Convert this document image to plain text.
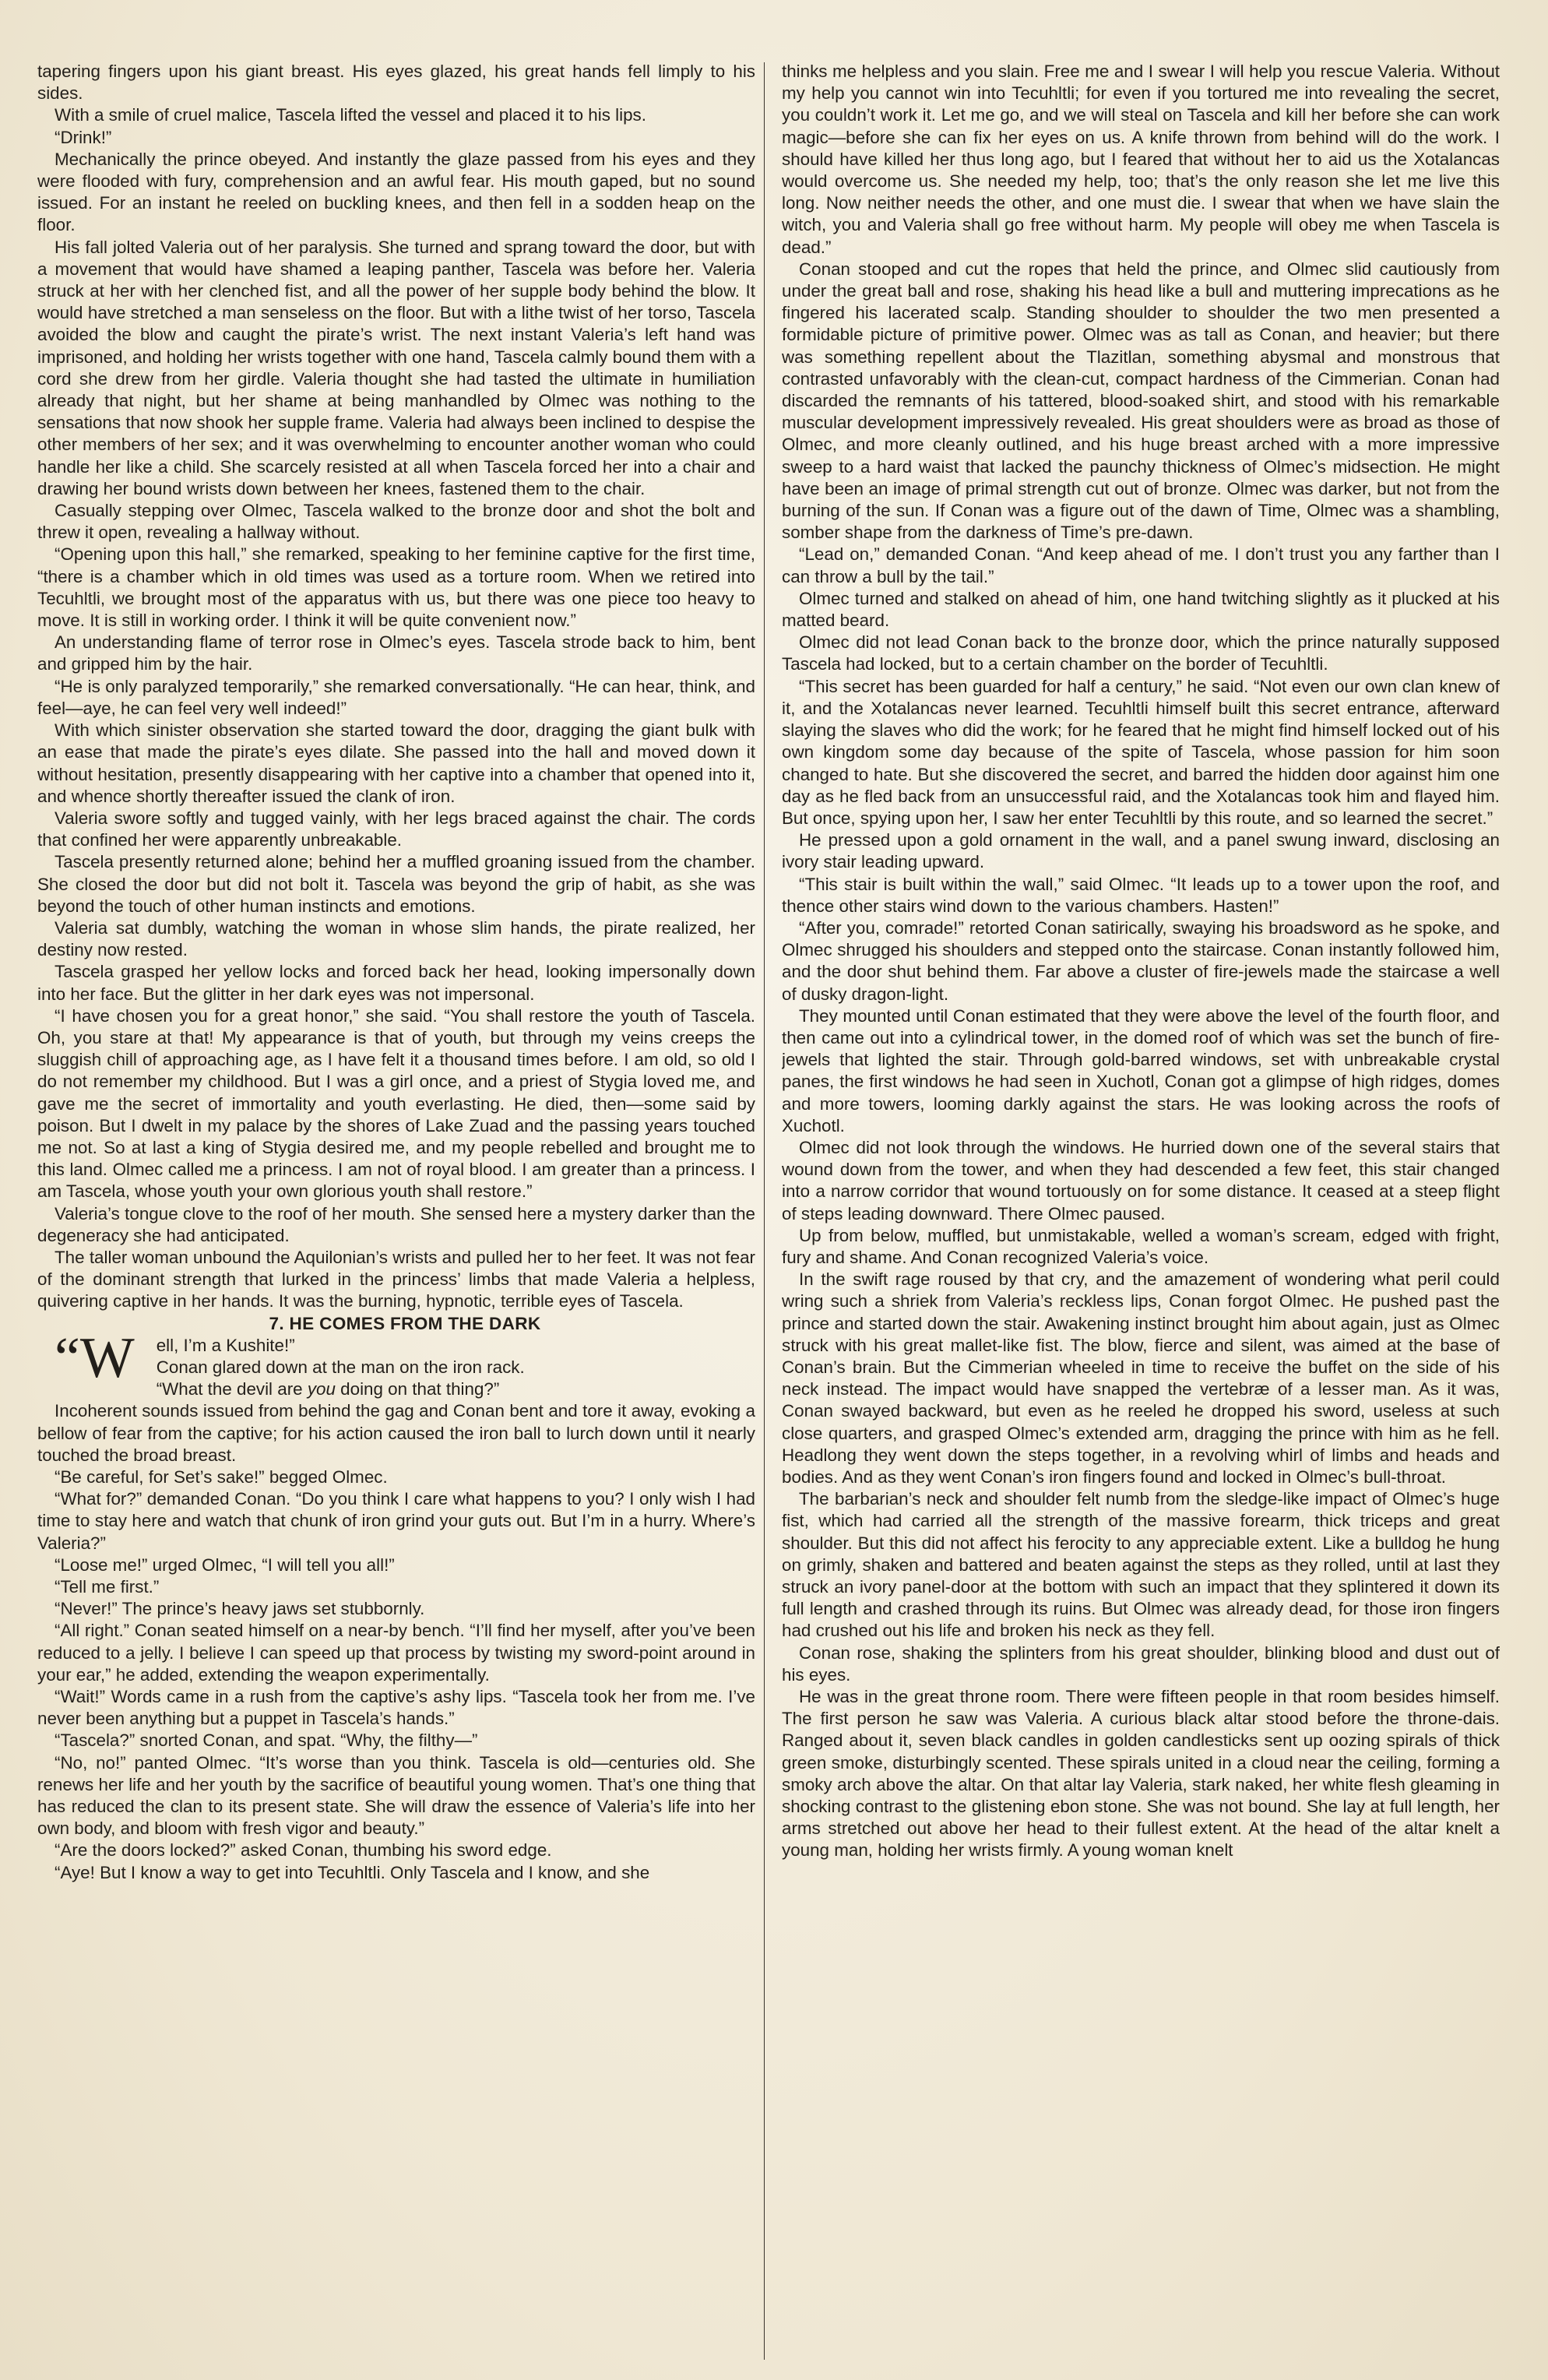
tapering fingers upon his giant breast. His eyes glazed, his great hands fell limply to his sides.

With a smile of cruel malice, Tascela lifted the vessel and placed it to his lips.

“Drink!”

Mechanically the prince obeyed. And instantly the glaze passed from his eyes and they were flooded with fury, comprehension and an awful fear. His mouth gaped, but no sound issued. For an instant he reeled on buckling knees, and then fell in a sodden heap on the floor.

His fall jolted Valeria out of her paralysis. She turned and sprang toward the door, but with a movement that would have shamed a leaping panther, Tascela was before her. Valeria struck at her with her clenched fist, and all the power of her supple body behind the blow. It would have stretched a man senseless on the floor. But with a lithe twist of her torso, Tascela avoided the blow and caught the pirate’s wrist. The next instant Valeria’s left hand was imprisoned, and holding her wrists together with one hand, Tascela calmly bound them with a cord she drew from her girdle. Valeria thought she had tasted the ultimate in humiliation already that night, but her shame at being manhandled by Olmec was nothing to the sensations that now shook her supple frame. Valeria had always been inclined to despise the other members of her sex; and it was overwhelming to encounter another woman who could handle her like a child. She scarcely resisted at all when Tascela forced her into a chair and drawing her bound wrists down between her knees, fastened them to the chair.

Casually stepping over Olmec, Tascela walked to the bronze door and shot the bolt and threw it open, revealing a hallway without.

“Opening upon this hall,” she remarked, speaking to her feminine captive for the first time, “there is a chamber which in old times was used as a torture room. When we retired into Tecuhltli, we brought most of the apparatus with us, but there was one piece too heavy to move. It is still in working order. I think it will be quite convenient now.”

An understanding flame of terror rose in Olmec’s eyes. Tascela strode back to him, bent and gripped him by the hair.

“He is only paralyzed temporarily,” she remarked conversationally. “He can hear, think, and feel—aye, he can feel very well indeed!”

With which sinister observation she started toward the door, dragging the giant bulk with an ease that made the pirate’s eyes dilate. She passed into the hall and moved down it without hesitation, presently disappearing with her captive into a chamber that opened into it, and whence shortly thereafter issued the clank of iron.

Valeria swore softly and tugged vainly, with her legs braced against the chair. The cords that confined her were apparently unbreakable.

Tascela presently returned alone; behind her a muffled groaning issued from the chamber. She closed the door but did not bolt it. Tascela was beyond the grip of habit, as she was beyond the touch of other human instincts and emotions.

Valeria sat dumbly, watching the woman in whose slim hands, the pirate realized, her destiny now rested.

Tascela grasped her yellow locks and forced back her head, looking impersonally down into her face. But the glitter in her dark eyes was not impersonal.

“I have chosen you for a great honor,” she said. “You shall restore the youth of Tascela. Oh, you stare at that! My appearance is that of youth, but through my veins creeps the sluggish chill of approaching age, as I have felt it a thousand times before. I am old, so old I do not remember my childhood. But I was a girl once, and a priest of Stygia loved me, and gave me the secret of immortality and youth everlasting. He died, then—some said by poison. But I dwelt in my palace by the shores of Lake Zuad and the passing years touched me not. So at last a king of Stygia desired me, and my people rebelled and brought me to this land. Olmec called me a princess. I am not of royal blood. I am greater than a princess. I am Tascela, whose youth your own glorious youth shall restore.”

Valeria’s tongue clove to the roof of her mouth. She sensed here a mystery darker than the degeneracy she had anticipated.

The taller woman unbound the Aquilonian’s wrists and pulled her to her feet. It was not fear of the dominant strength that lurked in the princess’ limbs that made Valeria a helpless, quivering captive in her hands. It was the burning, hypnotic, terrible eyes of Tascela.

7. HE COMES FROM THE DARK

“W ell, I’m a Kushite!”

Conan glared down at the man on the iron rack.

“What the devil are you doing on that thing?”

Incoherent sounds issued from behind the gag and Conan bent and tore it away, evoking a bellow of fear from the captive; for his action caused the iron ball to lurch down until it nearly touched the broad breast.

“Be careful, for Set’s sake!” begged Olmec.

“What for?” demanded Conan. “Do you think I care what happens to you? I only wish I had time to stay here and watch that chunk of iron grind your guts out. But I’m in a hurry. Where’s Valeria?”

“Loose me!” urged Olmec, “I will tell you all!”

“Tell me first.”

“Never!” The prince’s heavy jaws set stubbornly.

“All right.” Conan seated himself on a near-by bench. “I’ll find her myself, after you’ve been reduced to a jelly. I believe I can speed up that process by twisting my sword-point around in your ear,” he added, extending the weapon experimentally.

“Wait!” Words came in a rush from the captive’s ashy lips. “Tascela took her from me. I’ve never been anything but a puppet in Tascela’s hands.”

“Tascela?” snorted Conan, and spat. “Why, the filthy—”

“No, no!” panted Olmec. “It’s worse than you think. Tascela is old—centuries old. She renews her life and her youth by the sacrifice of beautiful young women. That’s one thing that has reduced the clan to its present state. She will draw the essence of Valeria’s life into her own body, and bloom with fresh vigor and beauty.”

“Are the doors locked?” asked Conan, thumbing his sword edge.

“Aye! But I know a way to get into Tecuhltli. Only Tascela and I know, and she

thinks me helpless and you slain. Free me and I swear I will help you rescue Valeria. Without my help you cannot win into Tecuhltli; for even if you tortured me into revealing the secret, you couldn’t work it. Let me go, and we will steal on Tascela and kill her before she can work magic—before she can fix her eyes on us. A knife thrown from behind will do the work. I should have killed her thus long ago, but I feared that without her to aid us the Xotalancas would overcome us. She needed my help, too; that’s the only reason she let me live this long. Now neither needs the other, and one must die. I swear that when we have slain the witch, you and Valeria shall go free without harm. My people will obey me when Tascela is dead.”

Conan stooped and cut the ropes that held the prince, and Olmec slid cautiously from under the great ball and rose, shaking his head like a bull and muttering imprecations as he fingered his lacerated scalp. Standing shoulder to shoulder the two men presented a formidable picture of primitive power. Olmec was as tall as Conan, and heavier; but there was something repellent about the Tlazitlan, something abysmal and monstrous that contrasted unfavorably with the clean-cut, compact hardness of the Cimmerian. Conan had discarded the remnants of his tattered, blood-soaked shirt, and stood with his remarkable muscular development impressively revealed. His great shoulders were as broad as those of Olmec, and more cleanly outlined, and his huge breast arched with a more impressive sweep to a hard waist that lacked the paunchy thickness of Olmec’s midsection. He might have been an image of primal strength cut out of bronze. Olmec was darker, but not from the burning of the sun. If Conan was a figure out of the dawn of Time, Olmec was a shambling, somber shape from the darkness of Time’s pre-dawn.

“Lead on,” demanded Conan. “And keep ahead of me. I don’t trust you any farther than I can throw a bull by the tail.”

Olmec turned and stalked on ahead of him, one hand twitching slightly as it plucked at his matted beard.

Olmec did not lead Conan back to the bronze door, which the prince naturally supposed Tascela had locked, but to a certain chamber on the border of Tecuhltli.

“This secret has been guarded for half a century,” he said. “Not even our own clan knew of it, and the Xotalancas never learned. Tecuhltli himself built this secret entrance, afterward slaying the slaves who did the work; for he feared that he might find himself locked out of his own kingdom some day because of the spite of Tascela, whose passion for him soon changed to hate. But she discovered the secret, and barred the hidden door against him one day as he fled back from an unsuccessful raid, and the Xotalancas took him and flayed him. But once, spying upon her, I saw her enter Tecuhltli by this route, and so learned the secret.”

He pressed upon a gold ornament in the wall, and a panel swung inward, disclosing an ivory stair leading upward.

“This stair is built within the wall,” said Olmec. “It leads up to a tower upon the roof, and thence other stairs wind down to the various chambers. Hasten!”

“After you, comrade!” retorted Conan satirically, swaying his broadsword as he spoke, and Olmec shrugged his shoulders and stepped onto the staircase. Conan instantly followed him, and the door shut behind them. Far above a cluster of fire-jewels made the staircase a well of dusky dragon-light.

They mounted until Conan estimated that they were above the level of the fourth floor, and then came out into a cylindrical tower, in the domed roof of which was set the bunch of fire-jewels that lighted the stair. Through gold-barred windows, set with unbreakable crystal panes, the first windows he had seen in Xuchotl, Conan got a glimpse of high ridges, domes and more towers, looming darkly against the stars. He was looking across the roofs of Xuchotl.

Olmec did not look through the windows. He hurried down one of the several stairs that wound down from the tower, and when they had descended a few feet, this stair changed into a narrow corridor that wound tortuously on for some distance. It ceased at a steep flight of steps leading downward. There Olmec paused.

Up from below, muffled, but unmistakable, welled a woman’s scream, edged with fright, fury and shame. And Conan recognized Valeria’s voice.

In the swift rage roused by that cry, and the amazement of wondering what peril could wring such a shriek from Valeria’s reckless lips, Conan forgot Olmec. He pushed past the prince and started down the stair. Awakening instinct brought him about again, just as Olmec struck with his great mallet-like fist. The blow, fierce and silent, was aimed at the base of Conan’s brain. But the Cimmerian wheeled in time to receive the buffet on the side of his neck instead. The impact would have snapped the vertebræ of a lesser man. As it was, Conan swayed backward, but even as he reeled he dropped his sword, useless at such close quarters, and grasped Olmec’s extended arm, dragging the prince with him as he fell. Headlong they went down the steps together, in a revolving whirl of limbs and heads and bodies. And as they went Conan’s iron fingers found and locked in Olmec’s bull-throat.

The barbarian’s neck and shoulder felt numb from the sledge-like impact of Olmec’s huge fist, which had carried all the strength of the massive forearm, thick triceps and great shoulder. But this did not affect his ferocity to any appreciable extent. Like a bulldog he hung on grimly, shaken and battered and beaten against the steps as they rolled, until at last they struck an ivory panel-door at the bottom with such an impact that they splintered it down its full length and crashed through its ruins. But Olmec was already dead, for those iron fingers had crushed out his life and broken his neck as they fell.

Conan rose, shaking the splinters from his great shoulder, blinking blood and dust out of his eyes.

He was in the great throne room. There were fifteen people in that room besides himself. The first person he saw was Valeria. A curious black altar stood before the throne-dais. Ranged about it, seven black candles in golden candlesticks sent up oozing spirals of thick green smoke, disturbingly scented. These spirals united in a cloud near the ceiling, forming a smoky arch above the altar. On that altar lay Valeria, stark naked, her white flesh gleaming in shocking contrast to the glistening ebon stone. She was not bound. She lay at full length, her arms stretched out above her head to their fullest extent. At the head of the altar knelt a young man, holding her wrists firmly. A young woman knelt
